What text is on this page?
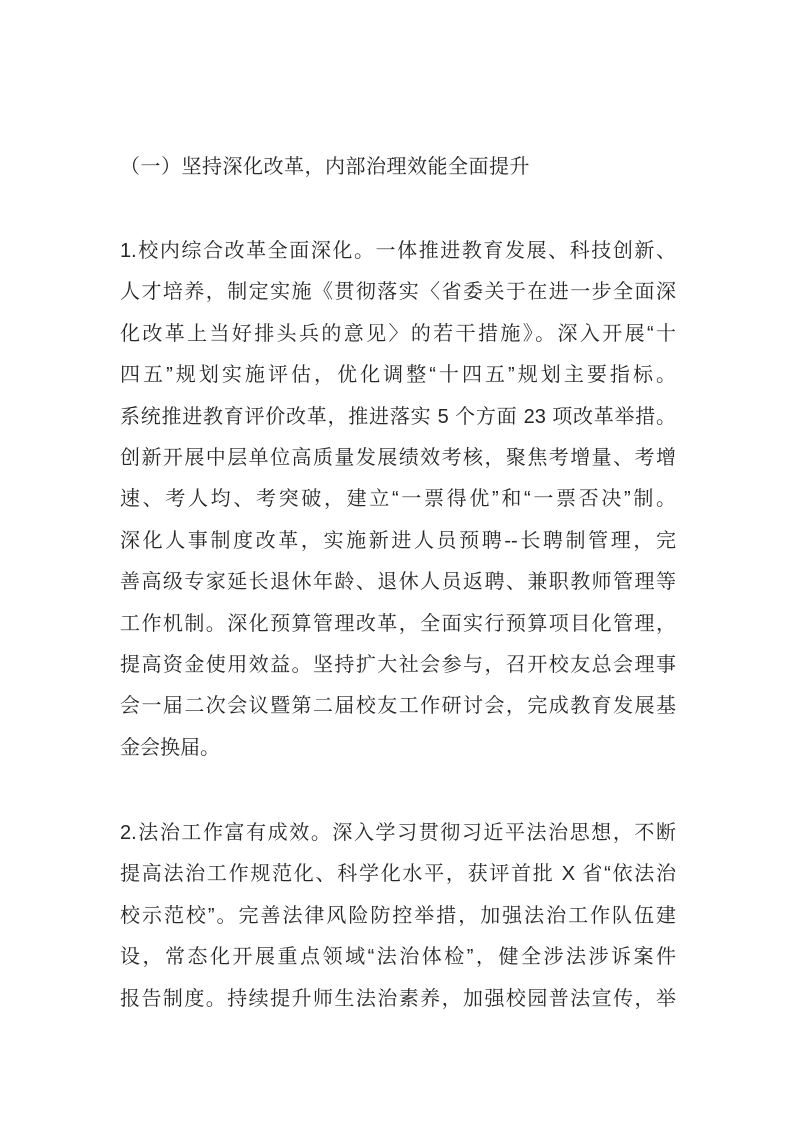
（一）坚持深化改革，内部治理效能全面提升
1.校内综合改革全面深化。一体推进教育发展、科技创新、
人才培养，制定实施《贯彻落实〈省委关于在进一步全面深
化改革上当好排头兵的意见〉的若干措施》。深入开展“十
四五”规划实施评估，优化调整“十四五”规划主要指标。
系统推进教育评价改革，推进落实 5 个方面 23 项改革举措。
创新开展中层单位高质量发展绩效考核，聚焦考增量、考增
速、考人均、考突破，建立“一票得优”和“一票否决”制。
深化人事制度改革，实施新进人员预聘--长聘制管理，完
善高级专家延长退休年龄、退休人员返聘、兼职教师管理等
工作机制。深化预算管理改革，全面实行预算项目化管理，
提高资金使用效益。坚持扩大社会参与，召开校友总会理事
会一届二次会议暨第二届校友工作研讨会，完成教育发展基
金会换届。
2.法治工作富有成效。深入学习贯彻习近平法治思想，不断
提高法治工作规范化、科学化水平，获评首批 X 省“依法治
校示范校”。完善法律风险防控举措，加强法治工作队伍建
设，常态化开展重点领域“法治体检”，健全涉法涉诉案件
报告制度。持续提升师生法治素养，加强校园普法宣传，举
